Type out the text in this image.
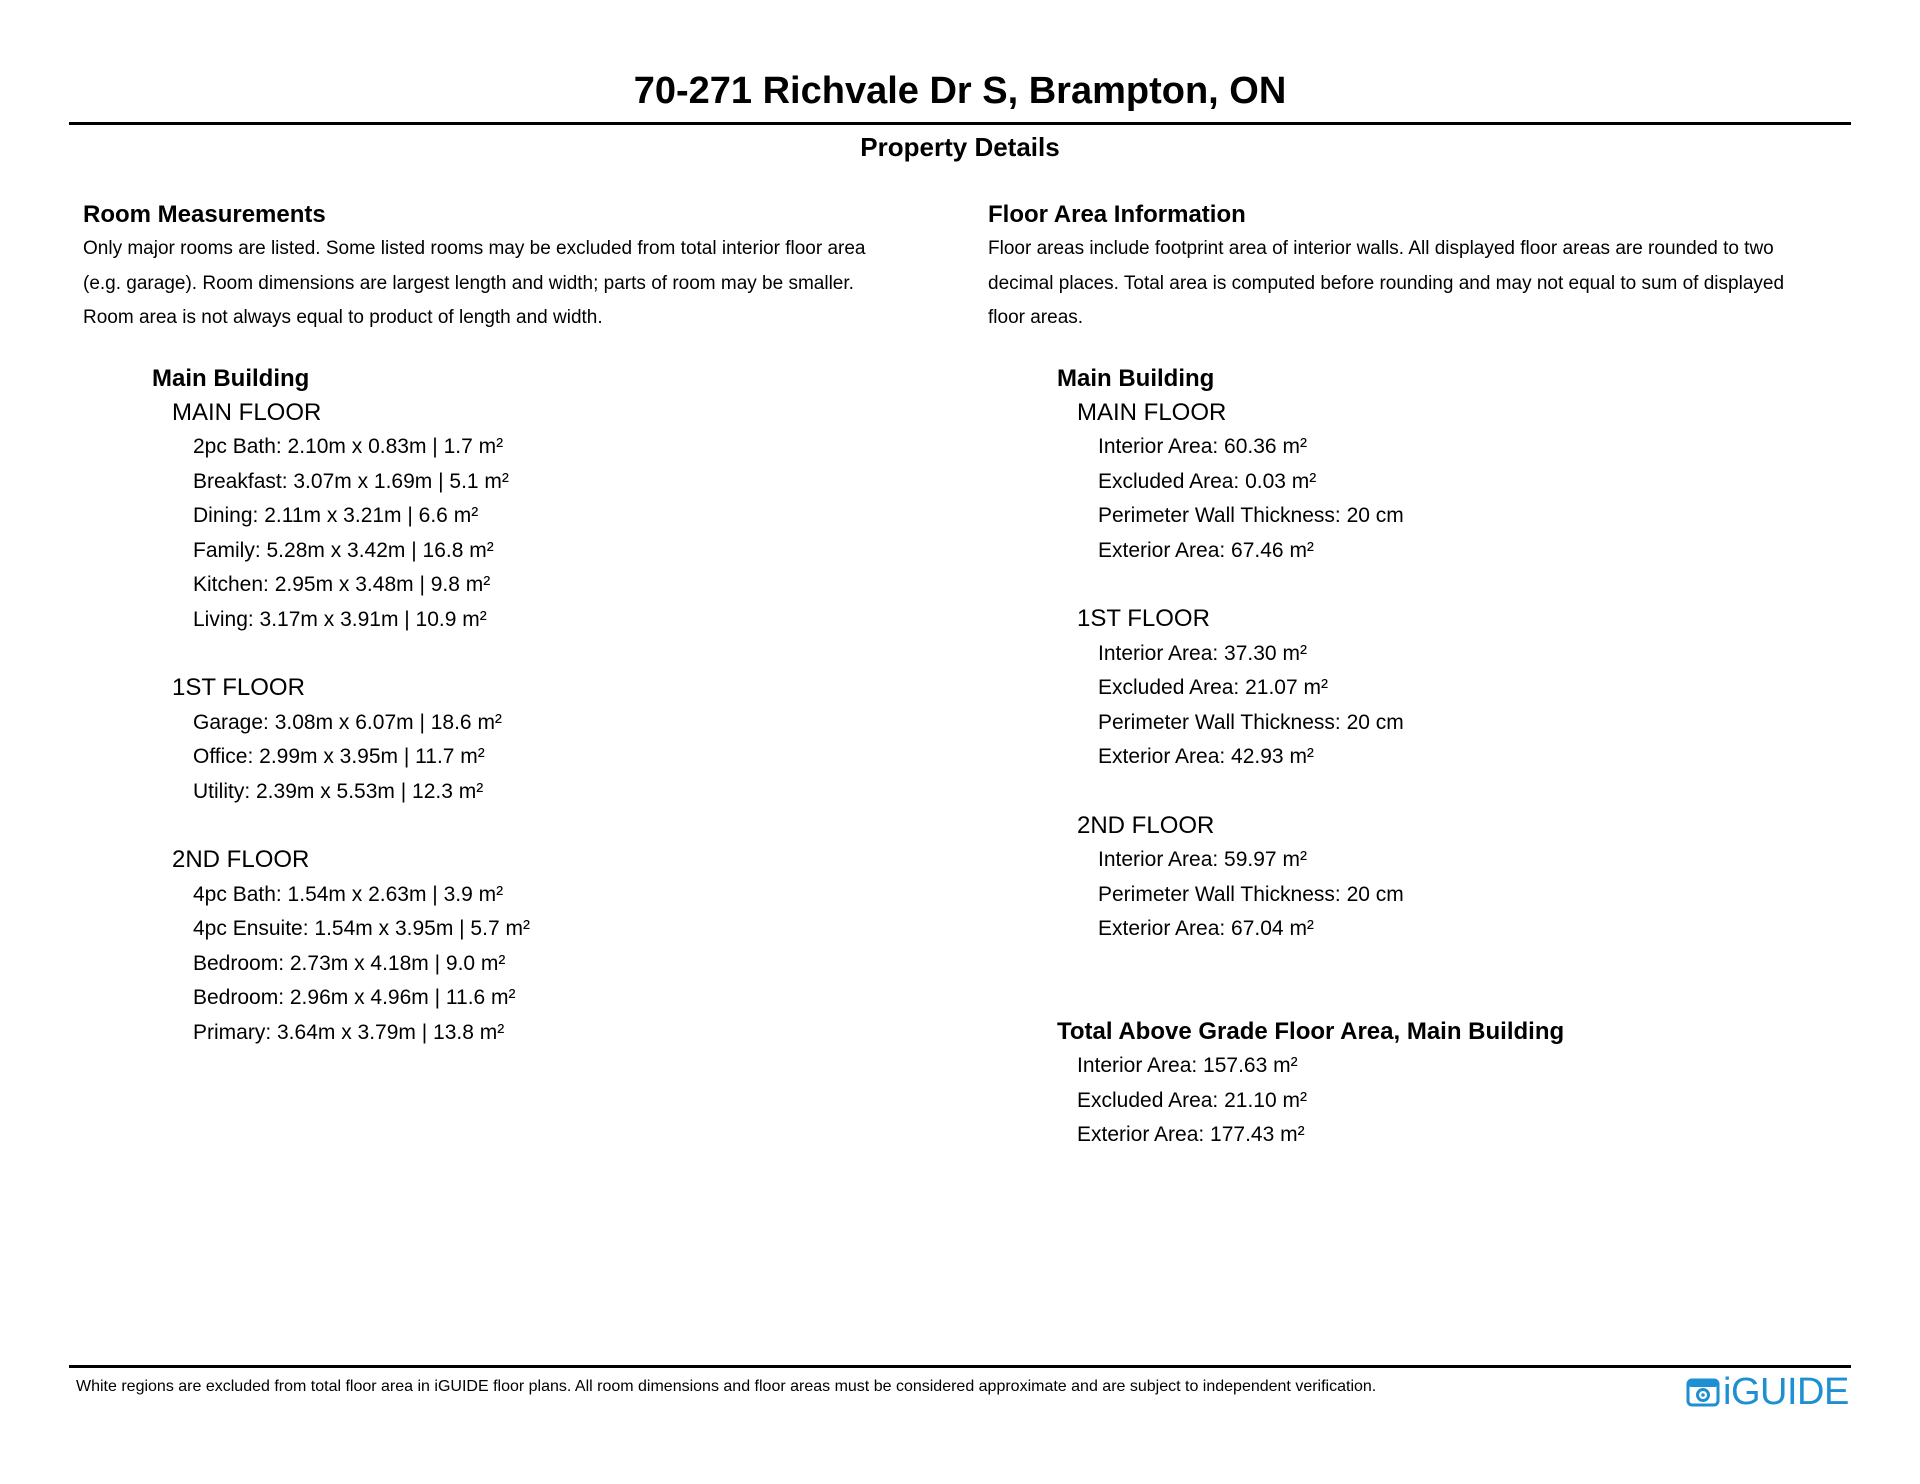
70-271 Richvale Dr S, Brampton, ON
Property Details
Room Measurements
Only major rooms are listed. Some listed rooms may be excluded from total interior floor area
(e.g. garage). Room dimensions are largest length and width; parts of room may be smaller.
Room area is not always equal to product of length and width.
Main Building
MAIN FLOOR
2pc Bath: 2.10m x 0.83m | 1.7 m²
Breakfast: 3.07m x 1.69m | 5.1 m²
Dining: 2.11m x 3.21m | 6.6 m²
Family: 5.28m x 3.42m | 16.8 m²
Kitchen: 2.95m x 3.48m | 9.8 m²
Living: 3.17m x 3.91m | 10.9 m²
1ST FLOOR
Garage: 3.08m x 6.07m | 18.6 m²
Office: 2.99m x 3.95m | 11.7 m²
Utility: 2.39m x 5.53m | 12.3 m²
2ND FLOOR
4pc Bath: 1.54m x 2.63m | 3.9 m²
4pc Ensuite: 1.54m x 3.95m | 5.7 m²
Bedroom: 2.73m x 4.18m | 9.0 m²
Bedroom: 2.96m x 4.96m | 11.6 m²
Primary: 3.64m x 3.79m | 13.8 m²
Floor Area Information
Floor areas include footprint area of interior walls. All displayed floor areas are rounded to two
decimal places. Total area is computed before rounding and may not equal to sum of displayed
floor areas.
Main Building
MAIN FLOOR
Interior Area: 60.36 m²
Excluded Area: 0.03 m²
Perimeter Wall Thickness: 20 cm
Exterior Area: 67.46 m²
1ST FLOOR
Interior Area: 37.30 m²
Excluded Area: 21.07 m²
Perimeter Wall Thickness: 20 cm
Exterior Area: 42.93 m²
2ND FLOOR
Interior Area: 59.97 m²
Perimeter Wall Thickness: 20 cm
Exterior Area: 67.04 m²
Total Above Grade Floor Area, Main Building
Interior Area: 157.63 m²
Excluded Area: 21.10 m²
Exterior Area: 177.43 m²
White regions are excluded from total floor area in iGUIDE floor plans. All room dimensions and floor areas must be considered approximate and are subject to independent verification.	iGUIDE
